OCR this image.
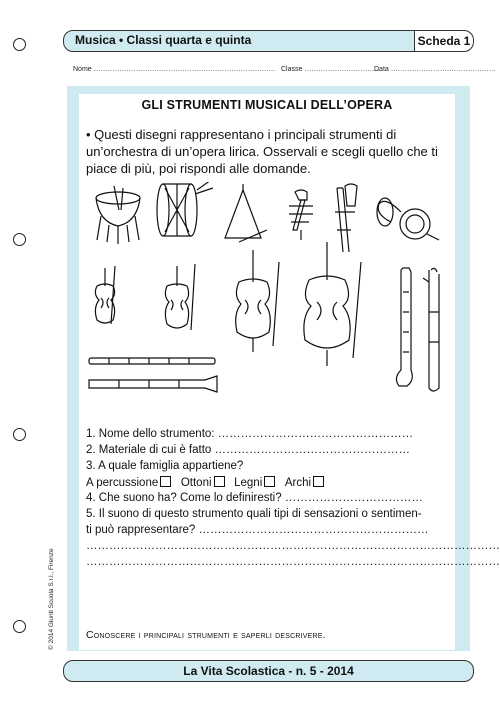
Musica • Classi quarta e quinta	Scheda 1
Nome …………………………………………………………………… Classe ……………………………
Data ………………………………………
GLI STRUMENTI MUSICALI DELL’OPERA
• Questi disegni rappresentano i principali strumenti di un’orchestra di un’opera lirica. Osservali e scegli quello che ti piace di più, poi rispondi alle domande.
1. Nome dello strumento: ……………………………………………
2. Materiale di cui è fatto ……………………………………………
3. A quale famiglia appartiene?
A percussione Ottoni Legni Archi
4. Che suono ha? Come lo definiresti? ………………………………
5. Il suono di questo strumento quali tipi di sensazioni o sentimen-
ti può rappresentare? ……………………………………………………
………………………………………………………………………………………………
………………………………………………………………………………………………
Conoscere i principali strumenti e saperli descrivere.
© 2014 Giunti Scuola S.r.l., Firenze
La Vita Scolastica - n. 5 - 2014
